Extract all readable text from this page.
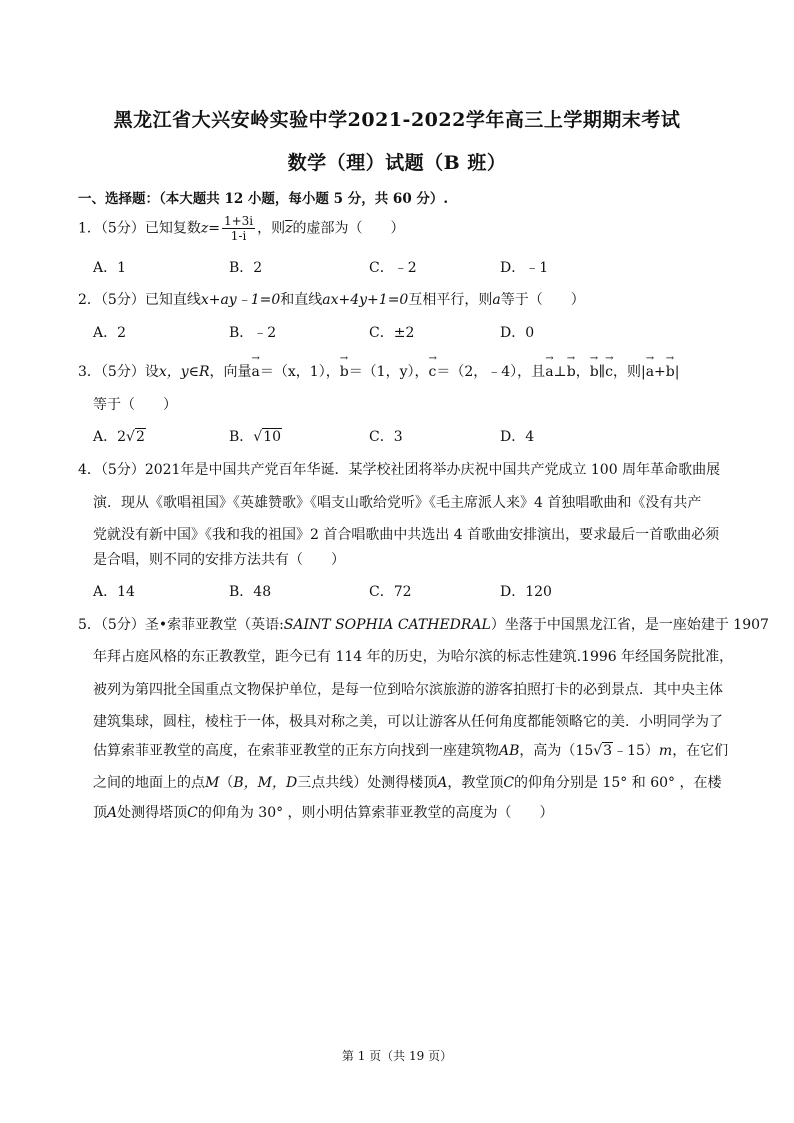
黑龙江省大兴安岭实验中学2021-2022学年高三上学期期末考试
数学（理）试题（B 班）
一、选择题：（本大题共 12 小题，每小题 5 分，共 60 分）.
1．（5分）已知复数$z= \frac{1+3i}{1-i}$ ，则$\overline{z}$的虚部为（　　）
A．1	B．2	C．﹣2	D．﹣1
2．（5分）已知直线x+ay﹣1=0和直线ax+4y+1=0互相平行，则a等于（　　）
A．2	B．﹣2	C．±2	D．0
3．（5分）设x，y∈R，向量→ a＝（x，1），→ b＝（1，y），→ c＝（2，﹣4），且→ a⊥→ b，→ b∥→ c，则|→ a+→ b|
等于（　　）
A．2√2	B．√10	C．3	D．4
4．（5分）2021年是中国共产党百年华诞．某学校社团将举办庆祝中国共产党成立 100 周年革命歌曲展
演．现从《歌唱祖国》《英雄赞歌》《唱支山歌给党听》《毛主席派人来》4 首独唱歌曲和《没有共产
党就没有新中国》《我和我的祖国》2 首合唱歌曲中共选出 4 首歌曲安排演出，要求最后一首歌曲必须
是合唱，则不同的安排方法共有（　　）
A．14	B．48	C．72	D．120
5．（5分）圣•索菲亚教堂（英语:SAINT SOPHIA CATHEDRAL）坐落于中国黑龙江省，是一座始建于 1907
年拜占庭风格的东正教教堂，距今已有 114 年的历史，为哈尔滨的标志性建筑.1996 年经国务院批准，
被列为第四批全国重点文物保护单位，是每一位到哈尔滨旅游的游客拍照打卡的必到景点．其中央主体
建筑集球，圆柱，棱柱于一体，极具对称之美，可以让游客从任何角度都能领略它的美．小明同学为了
估算索菲亚教堂的高度，在索菲亚教堂的正东方向找到一座建筑物AB，高为（15√3﹣15）m，在它们
之间的地面上的点M（B，M，D三点共线）处测得楼顶A，教堂顶C的仰角分别是 15° 和 60° ，在楼
顶A处测得塔顶C的仰角为 30° ，则小明估算索菲亚教堂的高度为（　　）
第 1 页（共 19 页）
